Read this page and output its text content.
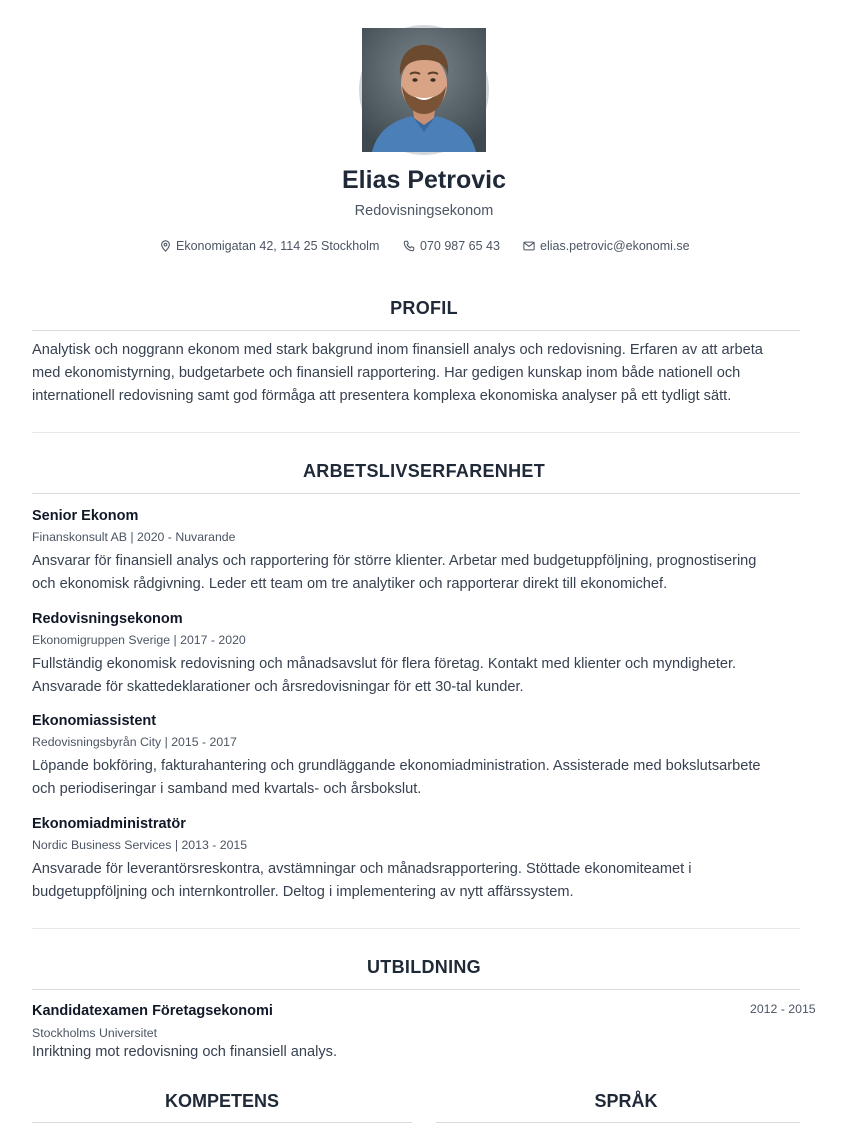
Elias Petrovic
Redovisningsekonom
Ekonomigatan 42, 114 25 Stockholm	070 987 65 43	elias.petrovic@ekonomi.se
PROFIL
Analytisk och noggrann ekonom med stark bakgrund inom finansiell analys och redovisning. Erfaren av att arbeta
med ekonomistyrning, budgetarbete och finansiell rapportering. Har gedigen kunskap inom både nationell och
internationell redovisning samt god förmåga att presentera komplexa ekonomiska analyser på ett tydligt sätt.
ARBETSLIVSERFARENHET
Senior Ekonom
Finanskonsult AB | 2020 - Nuvarande
Ansvarar för finansiell analys och rapportering för större klienter. Arbetar med budgetuppföljning, prognostisering
och ekonomisk rådgivning. Leder ett team om tre analytiker och rapporterar direkt till ekonomichef.
Redovisningsekonom
Ekonomigruppen Sverige | 2017 - 2020
Fullständig ekonomisk redovisning och månadsavslut för flera företag. Kontakt med klienter och myndigheter.
Ansvarade för skattedeklarationer och årsredovisningar för ett 30-tal kunder.
Ekonomiassistent
Redovisningsbyrån City | 2015 - 2017
Löpande bokföring, fakturahantering och grundläggande ekonomiadministration. Assisterade med bokslutsarbete
och periodiseringar i samband med kvartals- och årsbokslut.
Ekonomiadministratör
Nordic Business Services | 2013 - 2015
Ansvarade för leverantörsreskontra, avstämningar och månadsrapportering. Stöttade ekonomiteamet i
budgetuppföljning och internkontroller. Deltog i implementering av nytt affärssystem.
UTBILDNING
Kandidatexamen Företagsekonomi	2012 - 2015
Stockholms Universitet
Inriktning mot redovisning och finansiell analys.
KOMPETENS	SPRÅK
